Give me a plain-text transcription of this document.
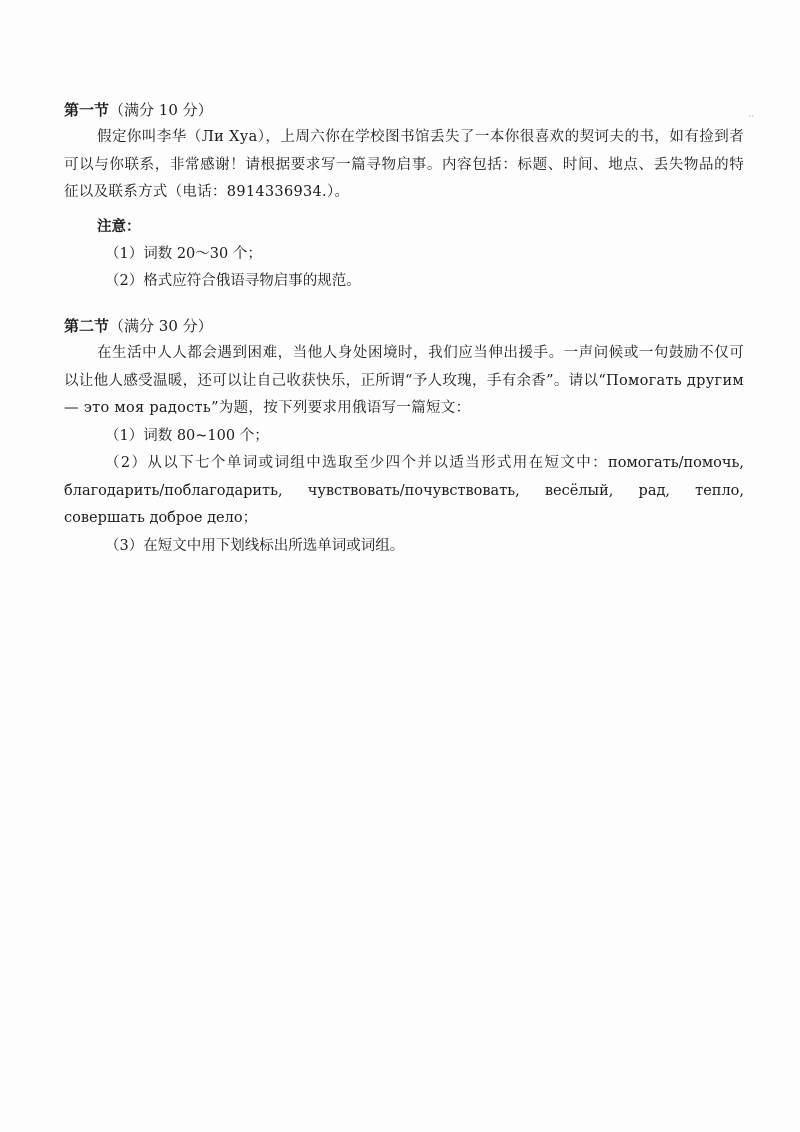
⋅⋅
第一节（满分 10 分）
假定你叫李华（Ли Хуа），上周六你在学校图书馆丢失了一本你很喜欢的契诃夫的书，如有捡到者可以与你联系，非常感谢！请根据要求写一篇寻物启事。内容包括：标题、时间、地点、丢失物品的特征以及联系方式（电话：8914336934.）。
注意：
（1）词数 20～30 个；
（2）格式应符合俄语寻物启事的规范。
第二节（满分 30 分）
在生活中人人都会遇到困难，当他人身处困境时，我们应当伸出援手。一声问候或一句鼓励不仅可以让他人感受温暖，还可以让自己收获快乐，正所谓“予人玫瑰，手有余香”。请以“Помогать другим — это моя радость”为题，按下列要求用俄语写一篇短文：
（1）词数 80~100 个；
（2）从以下七个单词或词组中选取至少四个并以适当形式用在短文中：помогать/помочь, благодарить/поблагодарить, чувствовать/почувствовать, весёлый, рад, тепло, совершать доброе дело；
（3）在短文中用下划线标出所选单词或词组。
